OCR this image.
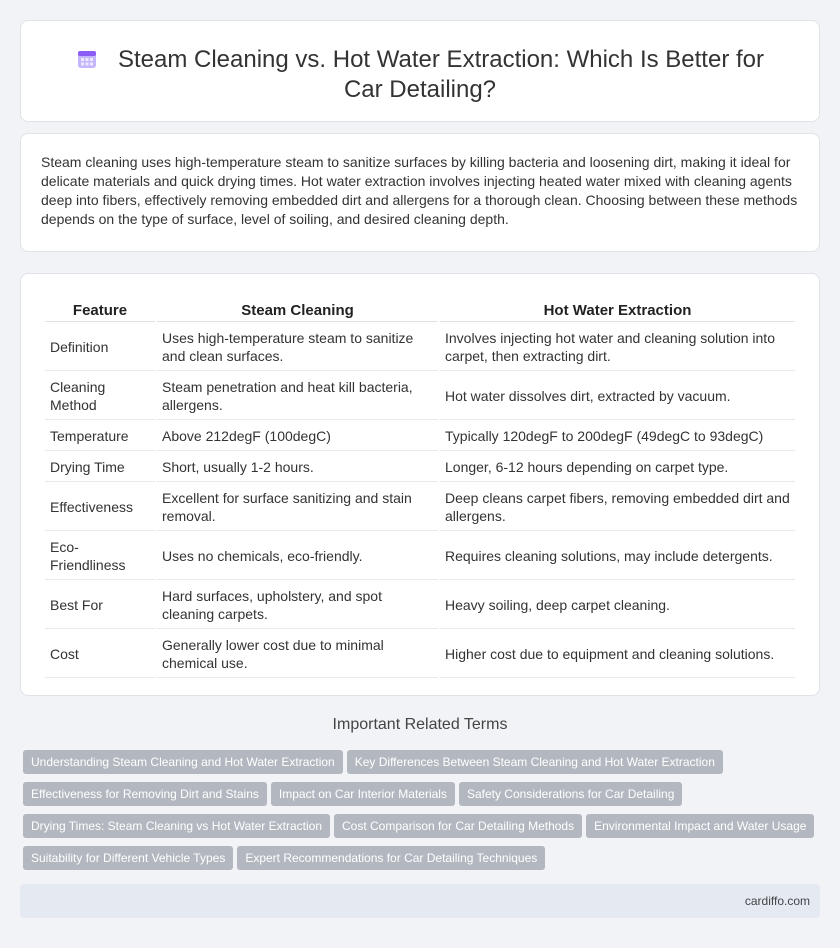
Steam Cleaning vs. Hot Water Extraction: Which Is Better for Car Detailing?

Steam cleaning uses high-temperature steam to sanitize surfaces by killing bacteria and loosening dirt, making it ideal for delicate materials and quick drying times. Hot water extraction involves injecting heated water mixed with cleaning agents deep into fibers, effectively removing embedded dirt and allergens for a thorough clean. Choosing between these methods depends on the type of surface, level of soiling, and desired cleaning depth.

Feature	Steam Cleaning	Hot Water Extraction
Definition	Uses high-temperature steam to sanitize and clean surfaces.	Involves injecting hot water and cleaning solution into carpet, then extracting dirt.
Cleaning Method	Steam penetration and heat kill bacteria, allergens.	Hot water dissolves dirt, extracted by vacuum.
Temperature	Above 212degF (100degC)	Typically 120degF to 200degF (49degC to 93degC)
Drying Time	Short, usually 1-2 hours.	Longer, 6-12 hours depending on carpet type.
Effectiveness	Excellent for surface sanitizing and stain removal.	Deep cleans carpet fibers, removing embedded dirt and allergens.
Eco-Friendliness	Uses no chemicals, eco-friendly.	Requires cleaning solutions, may include detergents.
Best For	Hard surfaces, upholstery, and spot cleaning carpets.	Heavy soiling, deep carpet cleaning.
Cost	Generally lower cost due to minimal chemical use.	Higher cost due to equipment and cleaning solutions.
Important Related Terms
Understanding Steam Cleaning and Hot Water Extraction Key Differences Between Steam Cleaning and Hot Water Extraction
Effectiveness for Removing Dirt and Stains Impact on Car Interior Materials Safety Considerations for Car Detailing
Drying Times: Steam Cleaning vs Hot Water Extraction Cost Comparison for Car Detailing Methods Environmental Impact and Water Usage
Suitability for Different Vehicle Types Expert Recommendations for Car Detailing Techniques
cardiffo.com
